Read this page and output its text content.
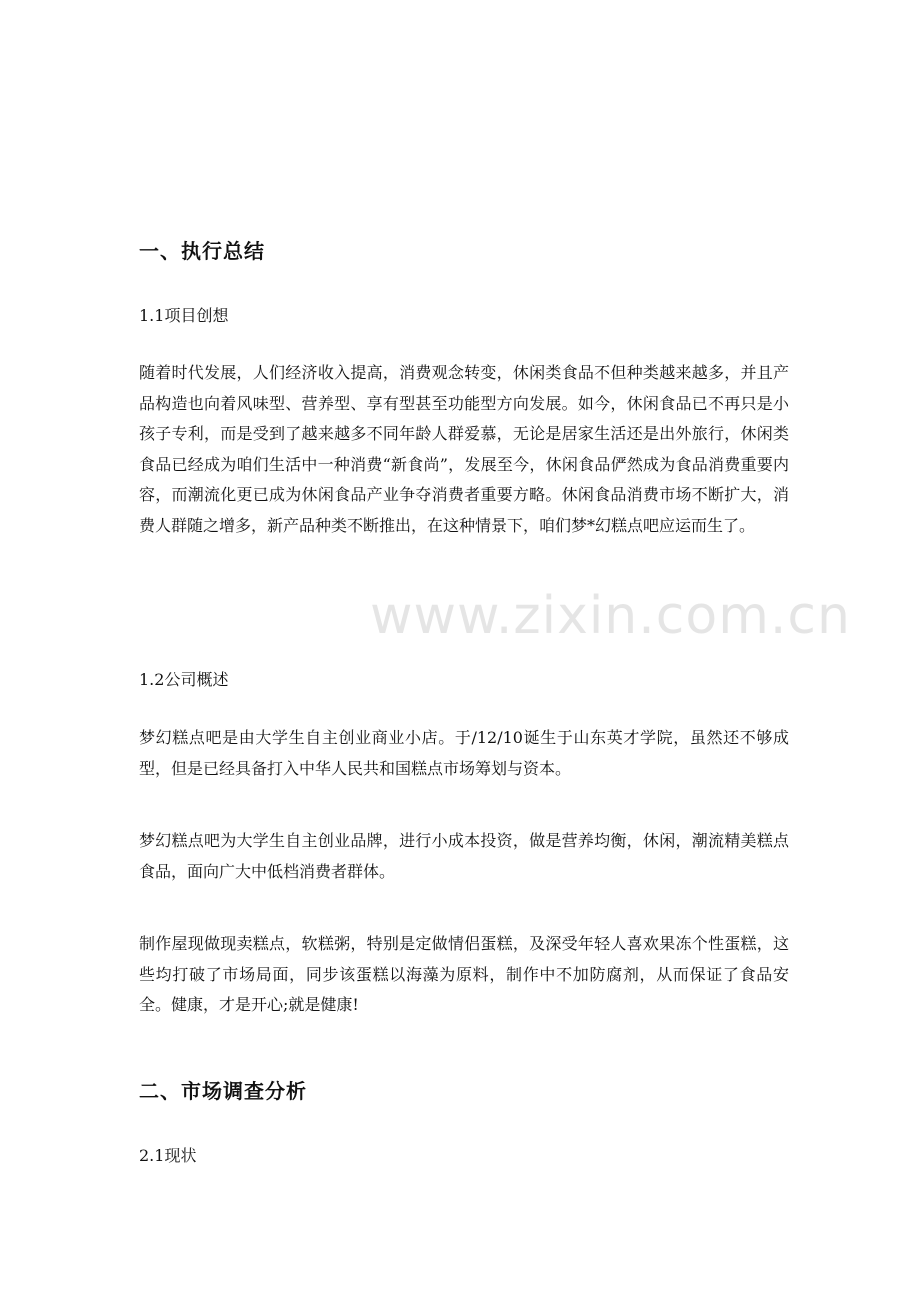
一、执行总结
1.1项目创想
随着时代发展，人们经济收入提高，消费观念转变，休闲类食品不但种类越来越多，并且产品构造也向着风味型、营养型、享有型甚至功能型方向发展。如今，休闲食品已不再只是小孩子专利，而是受到了越来越多不同年龄人群爱慕，无论是居家生活还是出外旅行，休闲类食品已经成为咱们生活中一种消费“新食尚”，发展至今，休闲食品俨然成为食品消费重要内容，而潮流化更已成为休闲食品产业争夺消费者重要方略。休闲食品消费市场不断扩大，消费人群随之增多，新产品种类不断推出，在这种情景下，咱们梦*幻糕点吧应运而生了。
1.2公司概述
梦幻糕点吧是由大学生自主创业商业小店。于/12/10诞生于山东英才学院，虽然还不够成型，但是已经具备打入中华人民共和国糕点市场筹划与资本。
梦幻糕点吧为大学生自主创业品牌，进行小成本投资，做是营养均衡，休闲，潮流精美糕点食品，面向广大中低档消费者群体。
制作屋现做现卖糕点，软糕粥，特别是定做情侣蛋糕，及深受年轻人喜欢果冻个性蛋糕，这些均打破了市场局面，同步该蛋糕以海藻为原料，制作中不加防腐剂，从而保证了食品安全。健康，才是开心;就是健康!
二、市场调查分析
2.1现状
www.zixin.com.cn
